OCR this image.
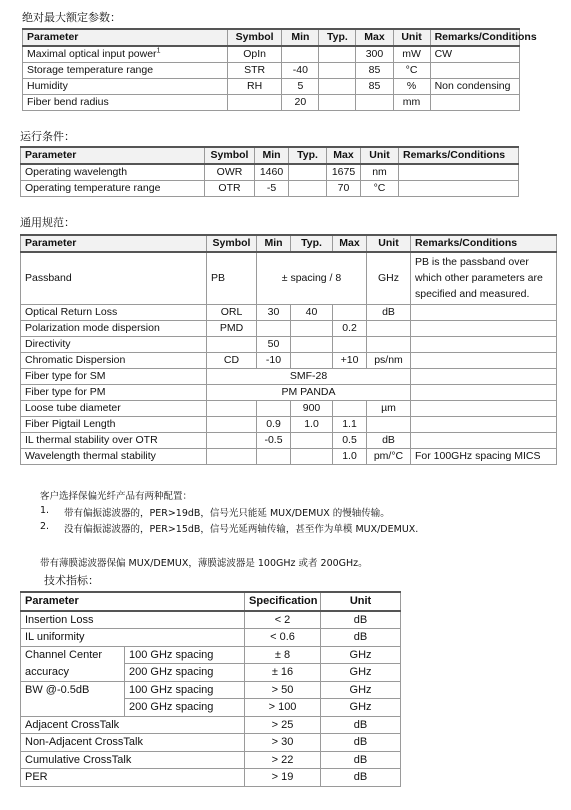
绝对最大额定参数：
Parameter	Symbol	Min	Typ.	Max	Unit	Remarks/Conditions
Maximal optical input power$^1$	OpIn			300	mW	CW
Storage temperature range	STR	-40		85	°C	
Humidity	RH	5		85	%	Non condensing
Fiber bend radius		20			mm	
运行条件：
Parameter	Symbol	Min	Typ.	Max	Unit	Remarks/Conditions
Operating wavelength	OWR	1460		1675	nm	
Operating temperature range	OTR	-5		70	°C	
通用规范：
Parameter	Symbol	Min	Typ.	Max	Unit	Remarks/Conditions
Passband	PB	± spacing / 8			GHz	PB is the passband over which other parameters are specified and measured.
Optical Return Loss	ORL	30	40		dB	
Polarization mode dispersion	PMD			0.2		
Directivity		50				
Chromatic Dispersion	CD	-10		+10	ps/nm	
Fiber type for SM	SMF-28					
Fiber type for PM	PM PANDA					
Loose tube diameter			900		µm	
Fiber Pigtail Length		0.9	1.0	1.1		
IL thermal stability over OTR		-0.5		0.5	dB	
Wavelength thermal stability				1.0	pm/°C	For 100GHz spacing MICS
客户选择保偏光纤产品有两种配置：
1. 带有偏振滤波器的，PER>19dB，信号光只能延 MUX/DEMUX 的慢轴传输。
2. 没有偏振滤波器的，PER>15dB，信号光延两轴传输，甚至作为单模 MUX/DEMUX.
带有薄膜滤波器保偏 MUX/DEMUX，薄膜滤波器是 100GHz 或者 200GHz。
技术指标：
Parameter		Specification	Unit
Insertion Loss		< 2	dB
IL uniformity		< 0.6	dB
Channel Center	100 GHz spacing	± 8	GHz
accuracy	200 GHz spacing	± 16	GHz
BW @-0.5dB	100 GHz spacing	> 50	GHz
	200 GHz spacing	> 100	GHz
Adjacent CrossTalk		> 25	dB
Non-Adjacent CrossTalk		> 30	dB
Cumulative CrossTalk		> 22	dB
PER		> 19	dB
